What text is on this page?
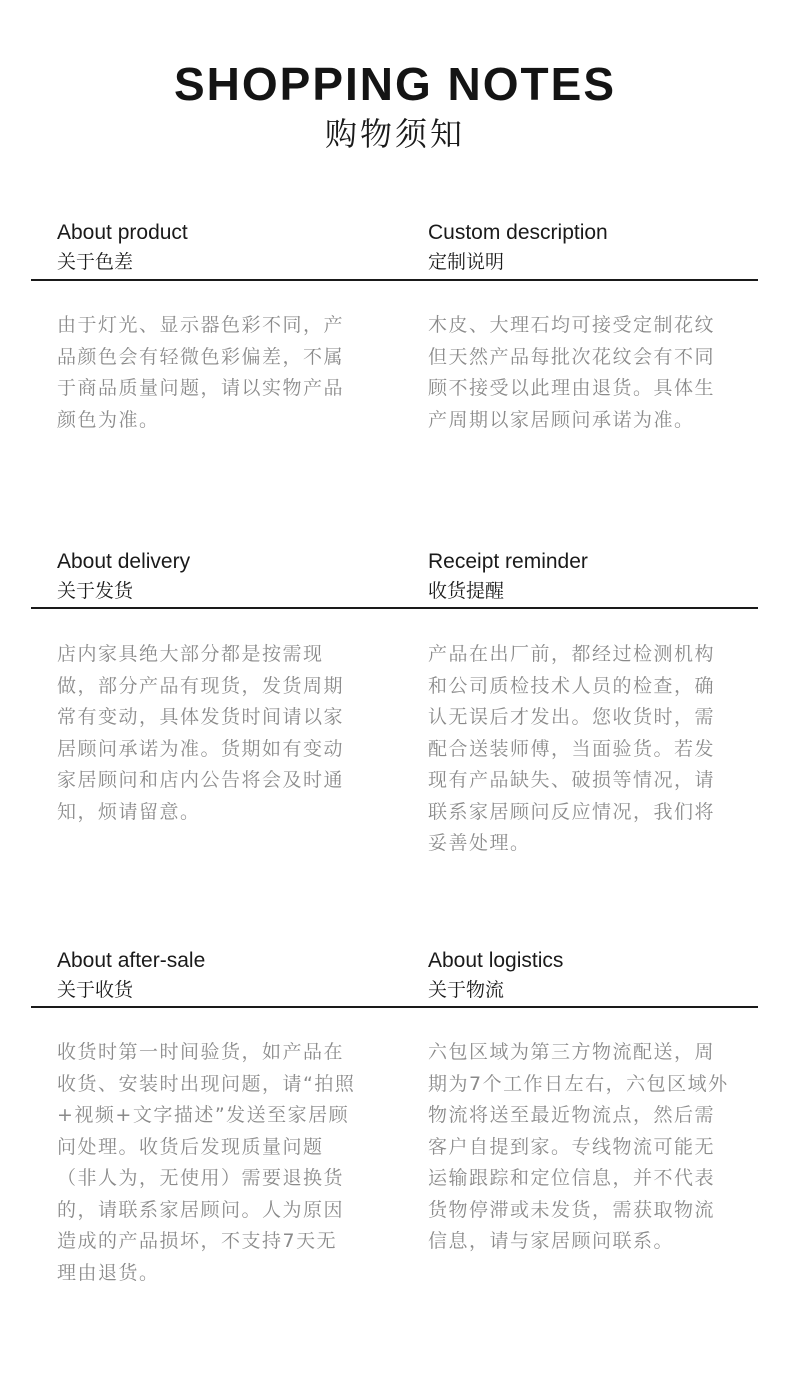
SHOPPING NOTES
购物须知
About product
关于色差
Custom description
定制说明
由于灯光、显示器色彩不同，产品颜色会有轻微色彩偏差，不属于商品质量问题，请以实物产品颜色为准。
木皮、大理石均可接受定制花纹但天然产品每批次花纹会有不同顾不接受以此理由退货。具体生产周期以家居顾问承诺为准。
About delivery
关于发货
Receipt reminder
收货提醒
店内家具绝大部分都是按需现做，部分产品有现货，发货周期常有变动，具体发货时间请以家居顾问承诺为准。货期如有变动家居顾问和店内公告将会及时通知，烦请留意。
产品在出厂前，都经过检测机构和公司质检技术人员的检查，确认无误后才发出。您收货时，需配合送装师傅，当面验货。若发现有产品缺失、破损等情况，请联系家居顾问反应情况，我们将妥善处理。
About after-sale
关于收货
About logistics
关于物流
收货时第一时间验货，如产品在收货、安装时出现问题，请“拍照+视频+文字描述”发送至家居顾问处理。收货后发现质量问题（非人为，无使用）需要退换货的，请联系家居顾问。人为原因造成的产品损坏，不支持7天无理由退货。
六包区域为第三方物流配送，周期为7个工作日左右，六包区域外物流将送至最近物流点，然后需客户自提到家。专线物流可能无运输跟踪和定位信息，并不代表货物停滞或未发货，需获取物流信息，请与家居顾问联系。
